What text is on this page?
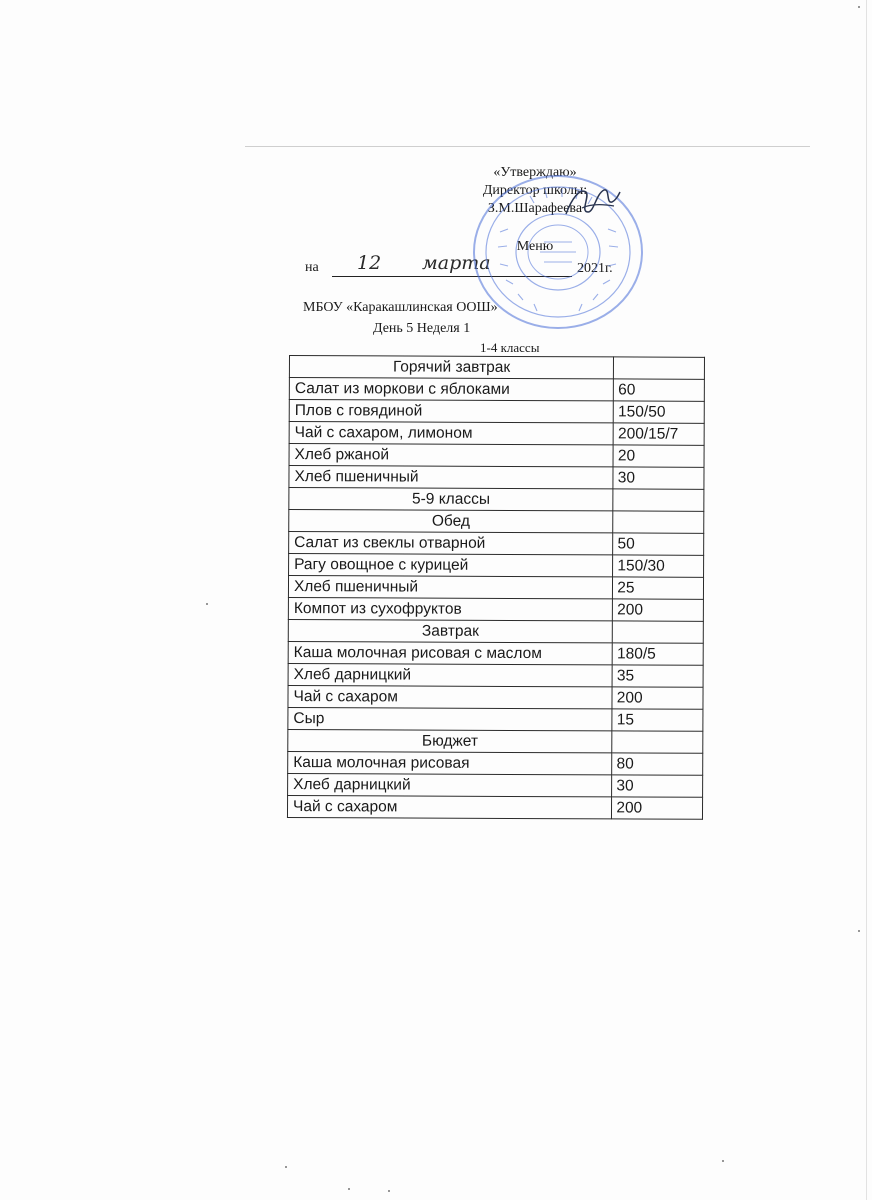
«Утверждаю»
Директор школы:
З.М.Шарафеева
Меню
на 12 марта	2021г.
МБОУ «Каракашлинская ООШ»
День 5 Неделя 1
1-4 классы
Горячий завтрак	
Салат из моркови с яблоками	60
Плов с говядиной	150/50
Чай с сахаром, лимоном	200/15/7
Хлеб ржаной	20
Хлеб пшеничный	30
5-9 классы	
Обед	
Салат из свеклы отварной	50
Рагу овощное с курицей	150/30
Хлеб пшеничный	25
Компот из сухофруктов	200
Завтрак	
Каша молочная рисовая с маслом	180/5
Хлеб дарницкий	35
Чай с сахаром	200
Сыр	15
Бюджет	
Каша молочная рисовая	80
Хлеб дарницкий	30
Чай с сахаром	200
